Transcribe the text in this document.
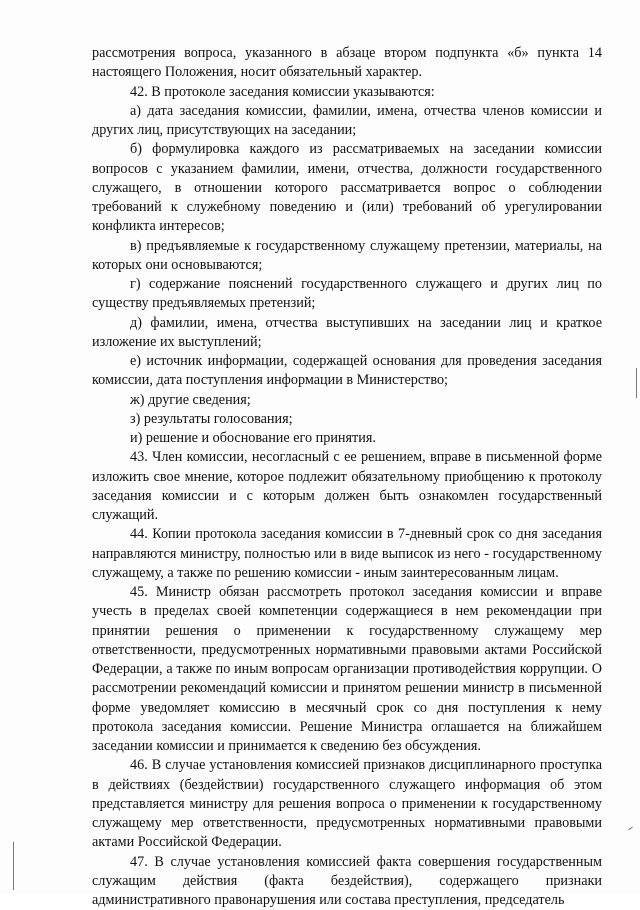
рассмотрения вопроса, указанного в абзаце втором подпункта «б» пункта 14 настоящего Положения, носит обязательный характер.

42. В протоколе заседания комиссии указываются:

а) дата заседания комиссии, фамилии, имена, отчества членов комиссии и других лиц, присутствующих на заседании;

б) формулировка каждого из рассматриваемых на заседании комиссии вопросов с указанием фамилии, имени, отчества, должности государственного служащего, в отношении которого рассматривается вопрос о соблюдении требований к служебному поведению и (или) требований об урегулировании конфликта интересов;

в) предъявляемые к государственному служащему претензии, материалы, на которых они основываются;

г) содержание пояснений государственного служащего и других лиц по существу предъявляемых претензий;

д) фамилии, имена, отчества выступивших на заседании лиц и краткое изложение их выступлений;

е) источник информации, содержащей основания для проведения заседания комиссии, дата поступления информации в Министерство;

ж) другие сведения;

з) результаты голосования;

и) решение и обоснование его принятия.

43. Член комиссии, несогласный с ее решением, вправе в письменной форме изложить свое мнение, которое подлежит обязательному приобщению к протоколу заседания комиссии и с которым должен быть ознакомлен государственный служащий.

44. Копии протокола заседания комиссии в 7-дневный срок со дня заседания направляются министру, полностью или в виде выписок из него - государственному служащему, а также по решению комиссии - иным заинтересованным лицам.

45. Министр обязан рассмотреть протокол заседания комиссии и вправе учесть в пределах своей компетенции содержащиеся в нем рекомендации при принятии решения о применении к государственному служащему мер ответственности, предусмотренных нормативными правовыми актами Российской Федерации, а также по иным вопросам организации противодействия коррупции. О рассмотрении рекомендаций комиссии и принятом решении министр в письменной форме уведомляет комиссию в месячный срок со дня поступления к нему протокола заседания комиссии. Решение Министра оглашается на ближайшем заседании комиссии и принимается к сведению без обсуждения.

46. В случае установления комиссией признаков дисциплинарного проступка в действиях (бездействии) государственного служащего информация об этом представляется министру для решения вопроса о применении к государственному служащему мер ответственности, предусмотренных нормативными правовыми актами Российской Федерации.

47. В случае установления комиссией факта совершения государственным служащим действия (факта бездействия), содержащего признаки административного правонарушения или состава преступления, председатель
